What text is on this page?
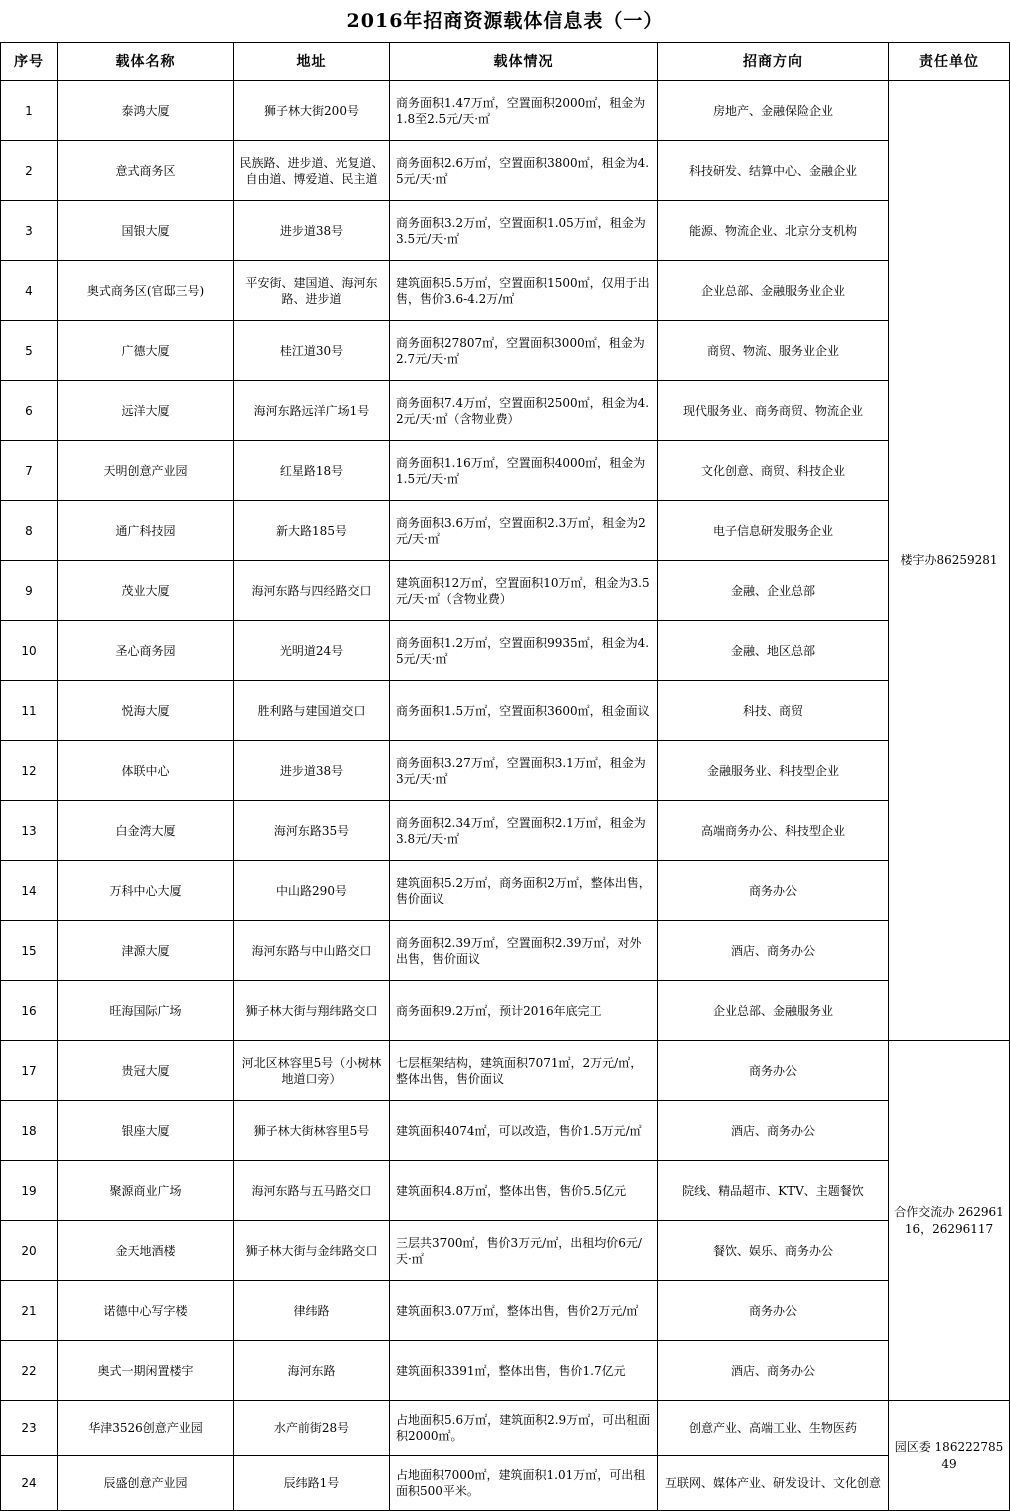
2016年招商资源载体信息表（一）
序号	载体名称	地址	载体情况	招商方向	责任单位
1	泰鸿大厦	狮子林大街200号	商务面积1.47万㎡，空置面积2000㎡，租金为1.8至2.5元/天·㎡	房地产、金融保险企业	楼宇办86259281
2	意式商务区	民族路、进步道、光复道、自由道、博爱道、民主道	商务面积2.6万㎡，空置面积3800㎡，租金为4.5元/天·㎡	科技研发、结算中心、金融企业	
3	国银大厦	进步道38号	商务面积3.2万㎡，空置面积1.05万㎡，租金为3.5元/天·㎡	能源、物流企业、北京分支机构	
4	奥式商务区(官邸三号)	平安街、建国道、海河东路、进步道	建筑面积5.5万㎡，空置面积1500㎡，仅用于出售，售价3.6-4.2万/㎡	企业总部、金融服务业企业	
5	广德大厦	桂江道30号	商务面积27807㎡，空置面积3000㎡，租金为2.7元/天·㎡	商贸、物流、服务业企业	
6	远洋大厦	海河东路远洋广场1号	商务面积7.4万㎡，空置面积2500㎡，租金为4.2元/天·㎡（含物业费）	现代服务业、商务商贸、物流企业	
7	天明创意产业园	红星路18号	商务面积1.16万㎡，空置面积4000㎡，租金为1.5元/天·㎡	文化创意、商贸、科技企业	
8	通广科技园	新大路185号	商务面积3.6万㎡，空置面积2.3万㎡，租金为2元/天·㎡	电子信息研发服务企业	
9	茂业大厦	海河东路与四经路交口	建筑面积12万㎡，空置面积10万㎡，租金为3.5元/天·㎡（含物业费）	金融、企业总部	
10	圣心商务园	光明道24号	商务面积1.2万㎡，空置面积9935㎡，租金为4.5元/天·㎡	金融、地区总部	
11	悦海大厦	胜利路与建国道交口	商务面积1.5万㎡，空置面积3600㎡，租金面议	科技、商贸	
12	体联中心	进步道38号	商务面积3.27万㎡，空置面积3.1万㎡，租金为3元/天·㎡	金融服务业、科技型企业	
13	白金湾大厦	海河东路35号	商务面积2.34万㎡，空置面积2.1万㎡，租金为3.8元/天·㎡	高端商务办公、科技型企业	
14	万科中心大厦	中山路290号	建筑面积5.2万㎡，商务面积2万㎡，整体出售，售价面议	商务办公	
15	津源大厦	海河东路与中山路交口	商务面积2.39万㎡，空置面积2.39万㎡，对外出售，售价面议	酒店、商务办公	
16	旺海国际广场	狮子林大街与翔纬路交口	商务面积9.2万㎡，预计2016年底完工	企业总部、金融服务业	
17	贵冠大厦	河北区林容里5号（小树林地道口旁）	七层框架结构，建筑面积7071㎡，2万元/㎡，整体出售，售价面议	商务办公	合作交流办 26296116，26296117
18	银座大厦	狮子林大街林容里5号	建筑面积4074㎡，可以改造，售价1.5万元/㎡	酒店、商务办公	
19	聚源商业广场	海河东路与五马路交口	建筑面积4.8万㎡，整体出售，售价5.5亿元	院线、精品超市、KTV、主题餐饮	
20	金天地酒楼	狮子林大街与金纬路交口	三层共3700㎡，售价3万元/㎡，出租均价6元/天·㎡	餐饮、娱乐、商务办公	
21	诺德中心写字楼	律纬路	建筑面积3.07万㎡，整体出售，售价2万元/㎡	商务办公	
22	奥式一期闲置楼宇	海河东路	建筑面积3391㎡，整体出售，售价1.7亿元	酒店、商务办公	
23	华津3526创意产业园	水产前街28号	占地面积5.6万㎡，建筑面积2.9万㎡，可出租面积2000㎡。	创意产业、高端工业、生物医药	园区委 18622278549
24	辰盛创意产业园	辰纬路1号	占地面积7000㎡，建筑面积1.01万㎡，可出租面积500平米。	互联网、媒体产业、研发设计、文化创意	
